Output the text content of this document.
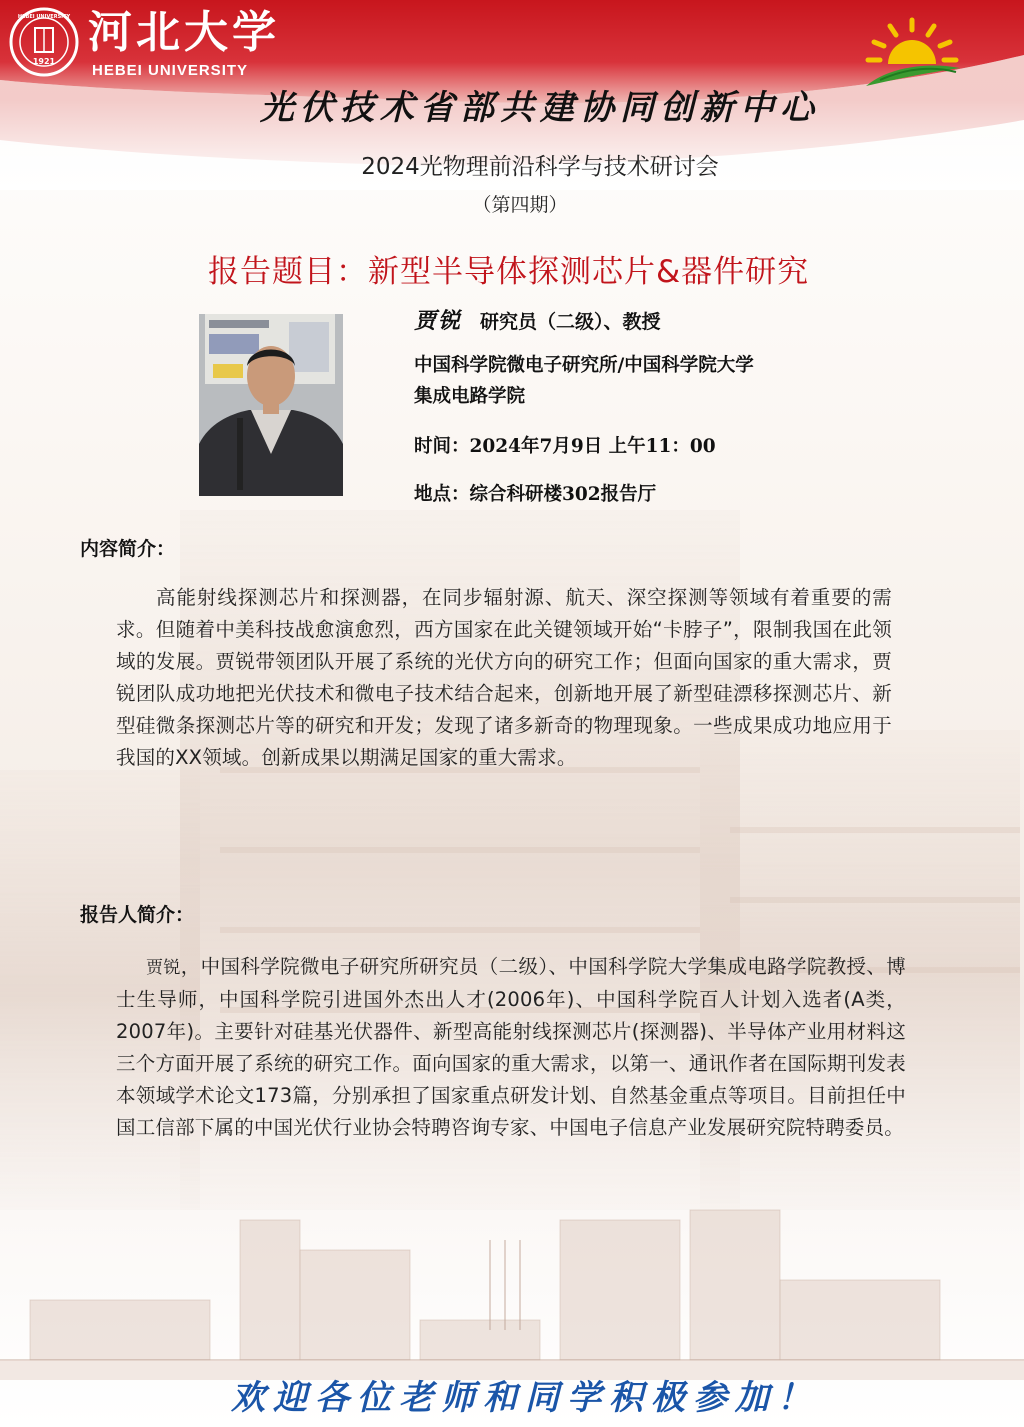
1921
HEBEI UNIVERSITY 河北大学
HEBEI UNIVERSITY
光伏技术省部共建协同创新中心
2024光物理前沿科学与技术研讨会
（第四期）
报告题目：新型半导体探测芯片&器件研究
贾锐 研究员（二级）、教授
中国科学院微电子研究所/中国科学院大学
集成电路学院
时间：2024年7月9日 上午11：00
地点：综合科研楼302报告厅
内容简介：
高能射线探测芯片和探测器，在同步辐射源、航天、深空探测等领域有着重要的需求。但随着中美科技战愈演愈烈，西方国家在此关键领域开始“卡脖子”，限制我国在此领域的发展。贾锐带领团队开展了系统的光伏方向的研究工作；但面向国家的重大需求，贾锐团队成功地把光伏技术和微电子技术结合起来，创新地开展了新型硅漂移探测芯片、新型硅微条探测芯片等的研究和开发；发现了诸多新奇的物理现象。一些成果成功地应用于我国的XX领域。创新成果以期满足国家的重大需求。
报告人简介：
贾锐，中国科学院微电子研究所研究员（二级）、中国科学院大学集成电路学院教授、博士生导师，中国科学院引进国外杰出人才(2006年)、中国科学院百人计划入选者(A类，2007年)。主要针对硅基光伏器件、新型高能射线探测芯片(探测器)、半导体产业用材料这三个方面开展了系统的研究工作。面向国家的重大需求，以第一、通讯作者在国际期刊发表本领域学术论文173篇，分别承担了国家重点研发计划、自然基金重点等项目。目前担任中国工信部下属的中国光伏行业协会特聘咨询专家、中国电子信息产业发展研究院特聘委员。
欢迎各位老师和同学积极参加！
